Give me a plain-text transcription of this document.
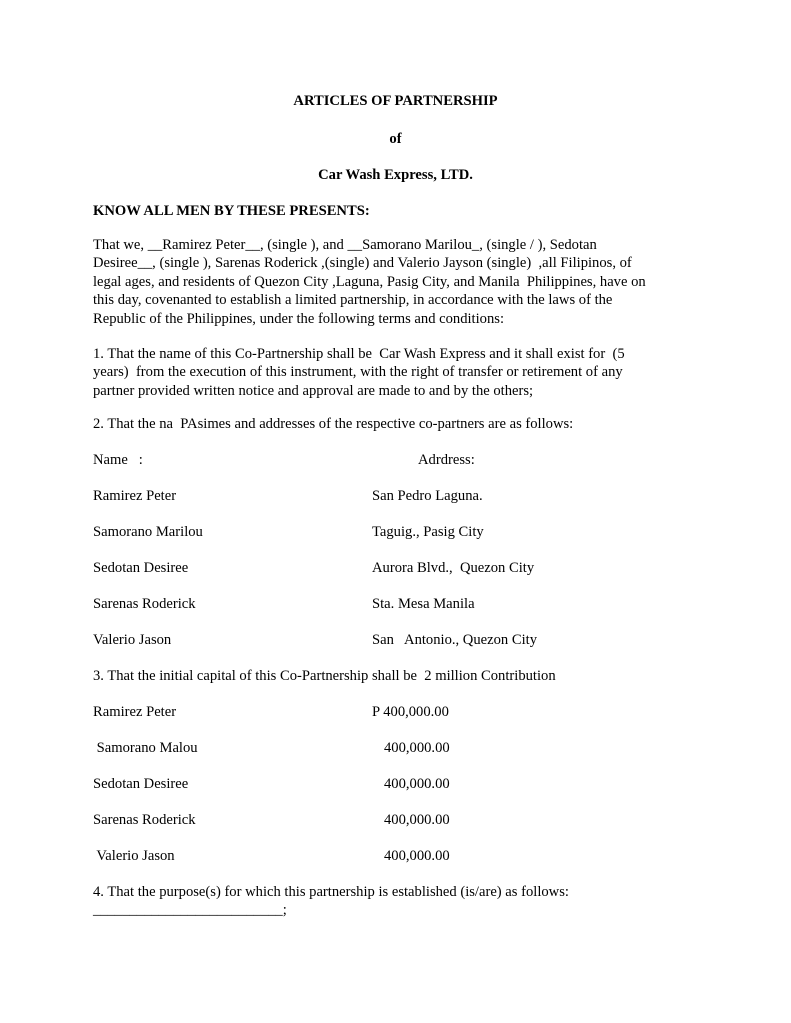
ARTICLES OF PARTNERSHIP
of
Car Wash Express, LTD.
KNOW ALL MEN BY THESE PRESENTS:
That we, __Ramirez Peter__, (single ), and __Samorano Marilou_, (single / ), Sedotan
Desiree__, (single ), Sarenas Roderick ,(single) and Valerio Jayson (single)  ,all Filipinos, of
legal ages, and residents of Quezon City ,Laguna, Pasig City, and Manila  Philippines, have on
this day, covenanted to establish a limited partnership, in accordance with the laws of the
Republic of the Philippines, under the following terms and conditions:
1. That the name of this Co-Partnership shall be  Car Wash Express and it shall exist for  (5
years)  from the execution of this instrument, with the right of transfer or retirement of any
partner provided written notice and approval are made to and by the others;
2. That the na  PAsimes and addresses of the respective co-partners are as follows:
Name   :	Adrdress:
Ramirez Peter	San Pedro Laguna.
Samorano Marilou	Taguig., Pasig City
Sedotan Desiree	Aurora Blvd.,  Quezon City
Sarenas Roderick	Sta. Mesa Manila
Valerio Jason	San   Antonio., Quezon City
3. That the initial capital of this Co-Partnership shall be  2 million Contribution
Ramirez Peter	P 400,000.00
Samorano Malou	400,000.00
Sedotan Desiree	400,000.00
Sarenas Roderick	400,000.00
Valerio Jason	400,000.00
4. That the purpose(s) for which this partnership is established (is/are) as follows:
__________________________;
